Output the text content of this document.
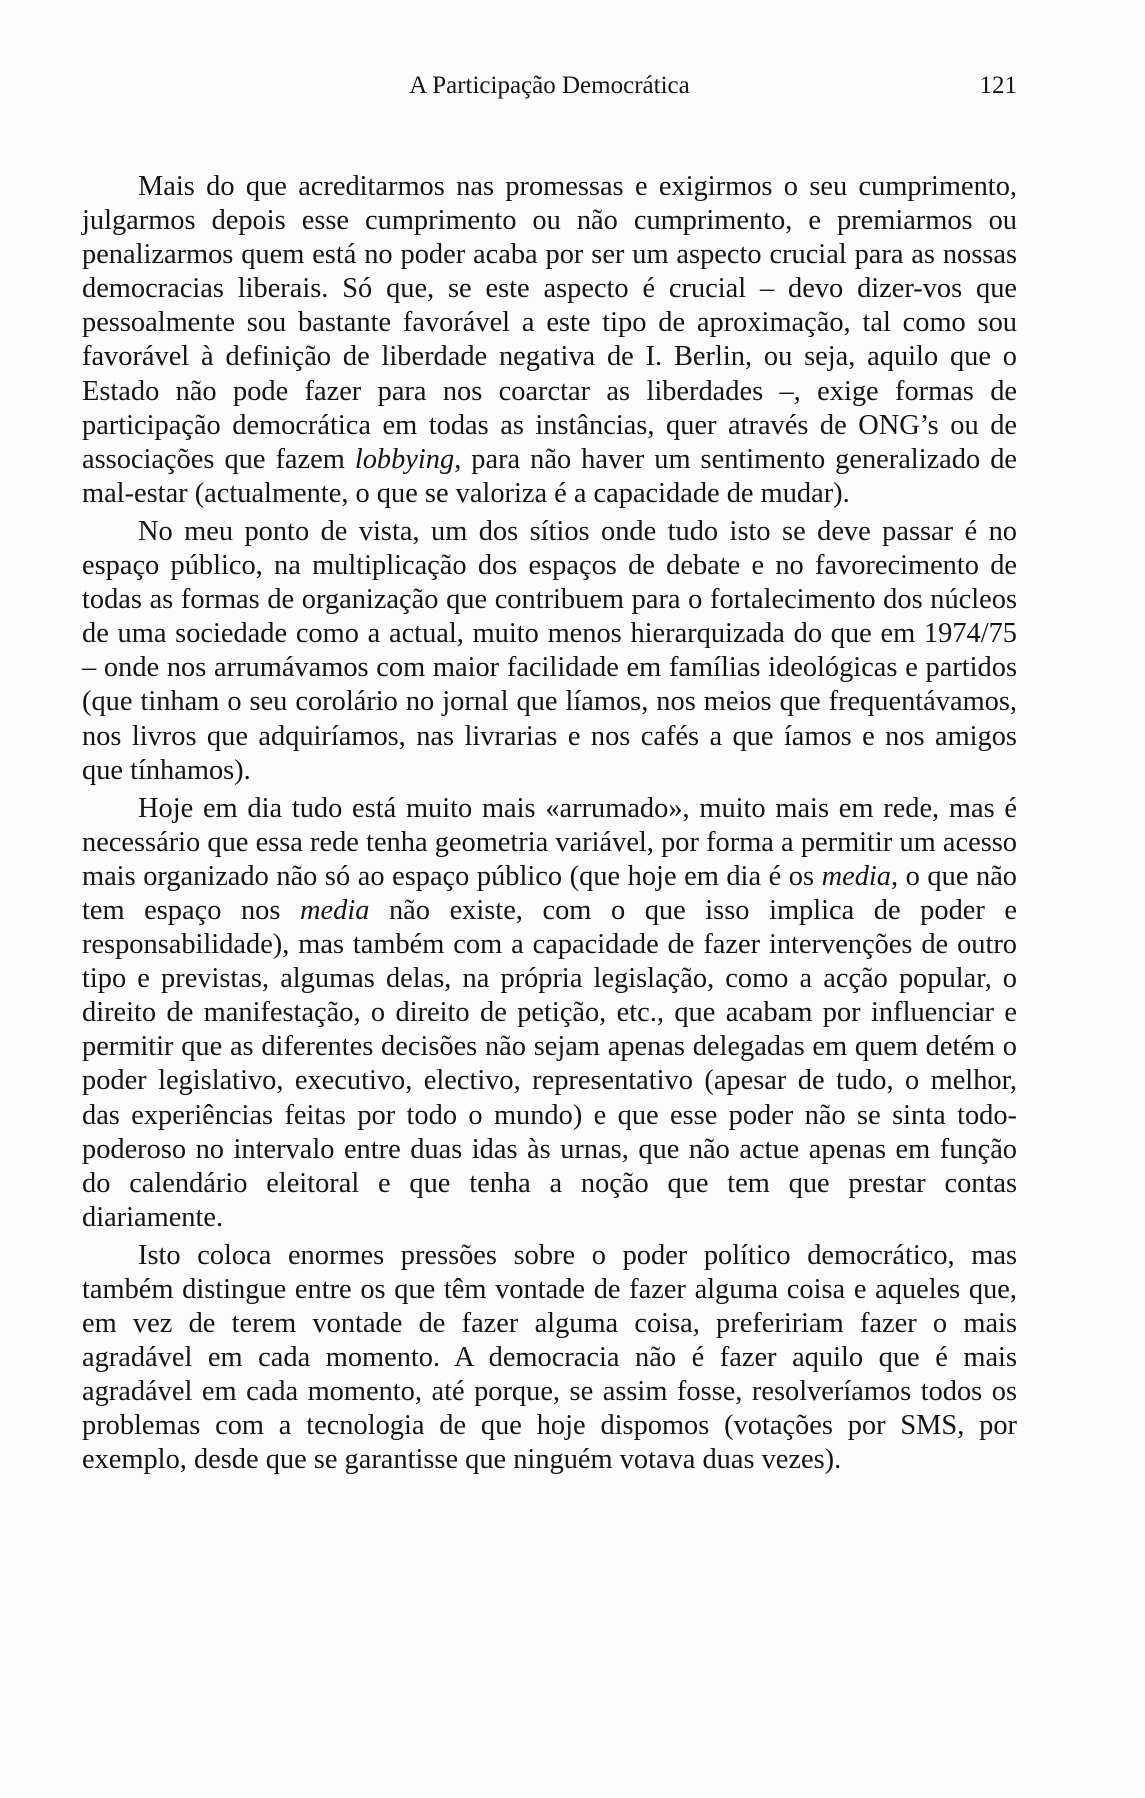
A Participação Democrática	121

Mais do que acreditarmos nas promessas e exigirmos o seu cumprimento, julgarmos depois esse cumprimento ou não cumprimento, e premiarmos ou penalizarmos quem está no poder acaba por ser um aspecto crucial para as nossas democracias liberais. Só que, se este aspecto é crucial – devo dizer-vos que pessoalmente sou bastante favorável a este tipo de aproximação, tal como sou favorável à definição de liberdade negativa de I. Berlin, ou seja, aquilo que o Estado não pode fazer para nos coarctar as liberdades –, exige formas de participação democrática em todas as instâncias, quer através de ONG’s ou de associações que fazem lobbying, para não haver um sentimento generalizado de mal-estar (actualmente, o que se valoriza é a capacidade de mudar).

No meu ponto de vista, um dos sítios onde tudo isto se deve passar é no espaço público, na multiplicação dos espaços de debate e no favorecimento de todas as formas de organização que contribuem para o fortalecimento dos núcleos de uma sociedade como a actual, muito menos hierarquizada do que em 1974/75 – onde nos arrumávamos com maior facilidade em famílias ideológicas e partidos (que tinham o seu corolário no jornal que líamos, nos meios que frequentávamos, nos livros que adquiríamos, nas livrarias e nos cafés a que íamos e nos amigos que tínhamos).

Hoje em dia tudo está muito mais «arrumado», muito mais em rede, mas é necessário que essa rede tenha geometria variável, por forma a permitir um acesso mais organizado não só ao espaço público (que hoje em dia é os media, o que não tem espaço nos media não existe, com o que isso implica de poder e responsabilidade), mas também com a capacidade de fazer intervenções de outro tipo e previstas, algumas delas, na própria legislação, como a acção popular, o direito de manifestação, o direito de petição, etc., que acabam por influenciar e permitir que as diferentes decisões não sejam apenas delegadas em quem detém o poder legislativo, executivo, electivo, representativo (apesar de tudo, o melhor, das experiências feitas por todo o mundo) e que esse poder não se sinta todo-poderoso no intervalo entre duas idas às urnas, que não actue apenas em função do calendário eleitoral e que tenha a noção que tem que prestar contas diariamente.

Isto coloca enormes pressões sobre o poder político democrático, mas também distingue entre os que têm vontade de fazer alguma coisa e aqueles que, em vez de terem vontade de fazer alguma coisa, prefeririam fazer o mais agradável em cada momento. A democracia não é fazer aquilo que é mais agradável em cada momento, até porque, se assim fosse, resolveríamos todos os problemas com a tecnologia de que hoje dispomos (votações por SMS, por exemplo, desde que se garantisse que ninguém votava duas vezes).
